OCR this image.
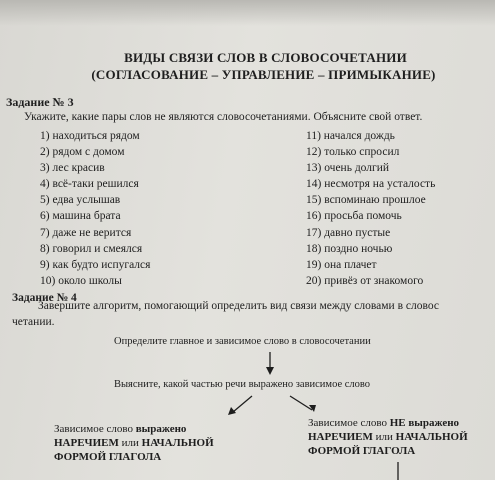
ВИДЫ СВЯЗИ СЛОВ В СЛОВОСОЧЕТАНИИ
(СОГЛАСОВАНИЕ – УПРАВЛЕНИЕ – ПРИМЫКАНИЕ)
Задание № 3
Укажите, какие пары слов не являются словосочетаниями. Объясните свой ответ.
1) находиться рядом
2) рядом с домом
3) лес красив
4) всё-таки решился
5) едва услышав
6) машина брата
7) даже не верится
8) говорил и смеялся
9) как будто испугался
10) около школы
11) начался дождь
12) только спросил
13) очень долгий
14) несмотря на усталость
15) вспоминаю прошлое
16) просьба помочь
17) давно пустые
18) поздно ночью
19) она плачет
20) привёз от знакомого
Задание № 4
Завершите алгоритм, помогающий определить вид связи между словами в словос
четании.
Определите главное и зависимое слово в словосочетании
Выясните, какой частью речи выражено зависимое слово
Зависимое слово выражено
НАРЕЧИЕМ или НАЧАЛЬНОЙ
ФОРМОЙ ГЛАГОЛА
Зависимое слово НЕ выражено
НАРЕЧИЕМ или НАЧАЛЬНОЙ
ФОРМОЙ ГЛАГОЛА
